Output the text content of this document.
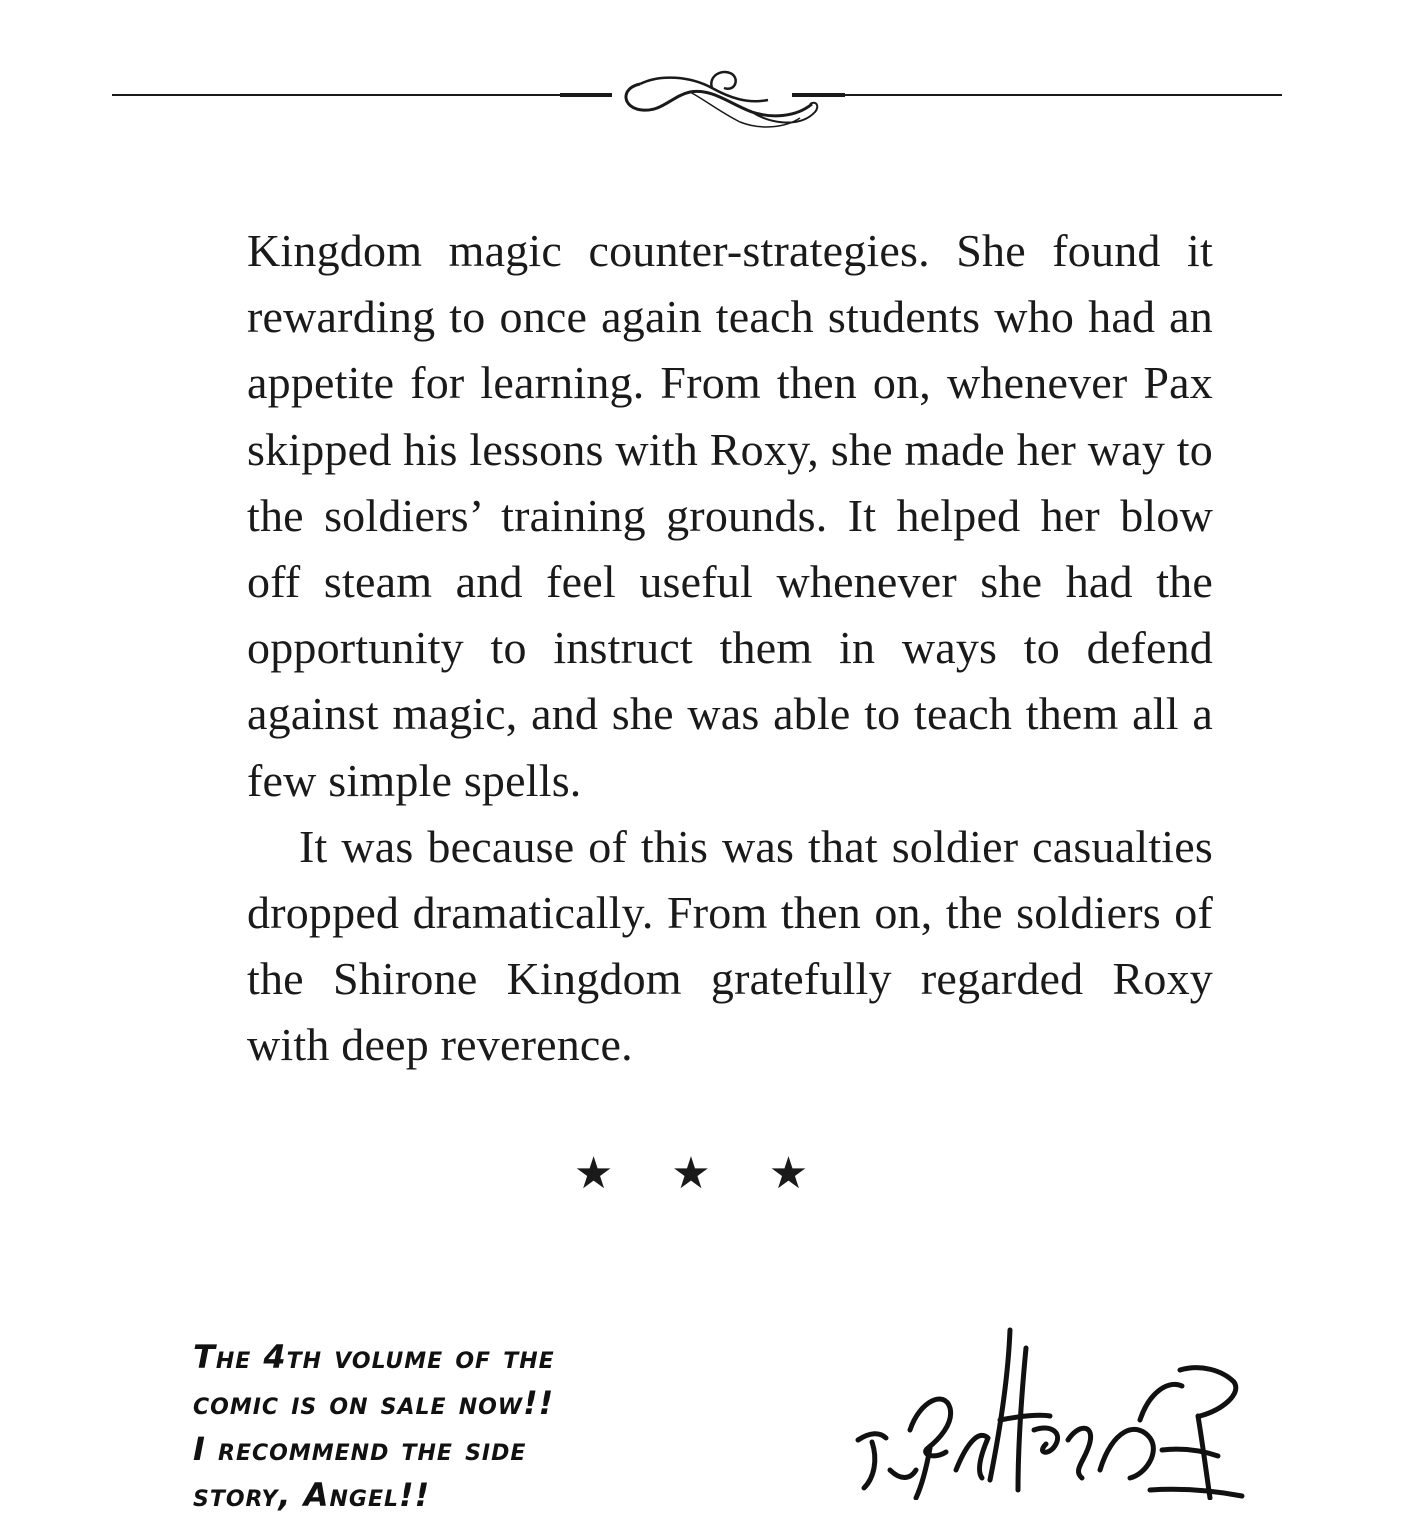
Kingdom magic counter-strategies. She found it rewarding to once again teach students who had an appetite for learning. From then on, whenever Pax skipped his lessons with Roxy, she made her way to the soldiers’ training grounds. It helped her blow off steam and feel useful whenever she had the opportunity to instruct them in ways to defend against magic, and she was able to teach them all a few simple spells.

It was because of this was that soldier casualties dropped dramatically. From then on, the soldiers of the Shirone Kingdom gratefully regarded Roxy with deep reverence.

★ ★ ★
The 4th volume of the
comic is on sale now!!
I recommend the side
story, Angel!!
